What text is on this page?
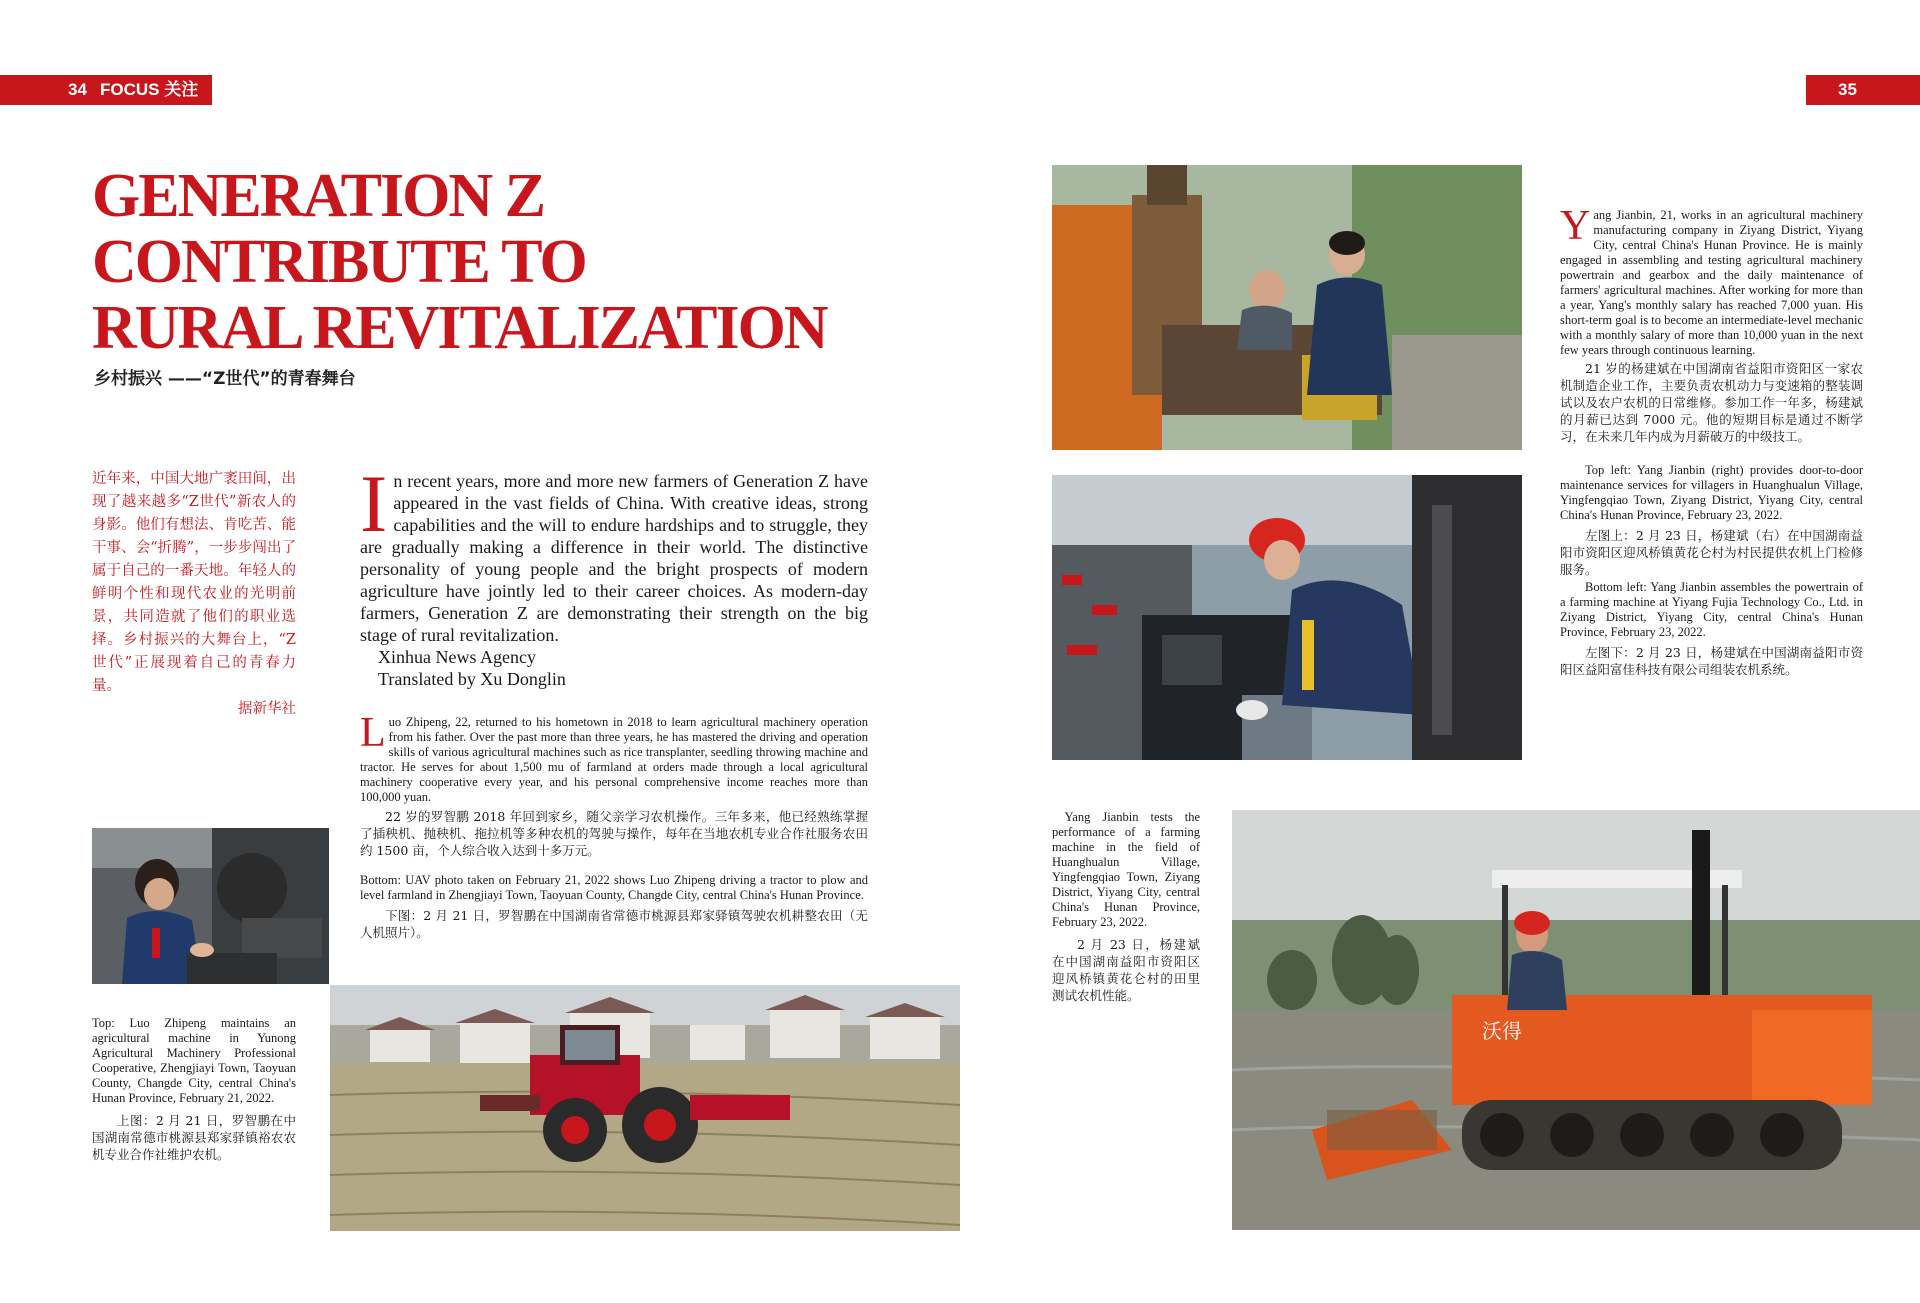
34 FOCUS 关注	35
GENERATION Z
CONTRIBUTE TO
RURAL REVITALIZATION
乡村振兴 ——“Z世代”的青春舞台
近年来，中国大地广袤田间，出现了越来越多“Z世代”新农人的身影。他们有想法、肯吃苦、能干事、会“折腾”，一步步闯出了属于自己的一番天地。年轻人的鲜明个性和现代农业的光明前景，共同造就了他们的职业选择。乡村振兴的大舞台上，“Z世代”正展现着自己的青春力量。
据新华社
I n recent years, more and more new farmers of Generation Z have appeared in the vast fields of China. With creative ideas, strong capabilities and the will to endure hardships and to struggle, they are gradually making a difference in their world. The distinctive personality of young people and the bright prospects of modern agriculture have jointly led to their career choices. As modern-day farmers, Generation Z are demonstrating their strength on the big stage of rural revitalization.
Xinhua News Agency
Translated by Xu Donglin
L uo Zhipeng, 22, returned to his hometown in 2018 to learn agricultural machinery operation from his father. Over the past more than three years, he has mastered the driving and operation skills of various agricultural machines such as rice transplanter, seedling throwing machine and tractor. He serves for about 1,500 mu of farmland at orders made through a local agricultural machinery cooperative every year, and his personal comprehensive income reaches more than 100,000 yuan.
22 岁的罗智鹏 2018 年回到家乡，随父亲学习农机操作。三年多来，他已经熟练掌握了插秧机、抛秧机、拖拉机等多种农机的驾驶与操作，每年在当地农机专业合作社服务农田约 1500 亩，个人综合收入达到十多万元。
Bottom: UAV photo taken on February 21, 2022 shows Luo Zhipeng driving a tractor to plow and level farmland in Zhengjiayi Town, Taoyuan County, Changde City, central China's Hunan Province.
下图：2 月 21 日，罗智鹏在中国湖南省常德市桃源县郑家驿镇驾驶农机耕整农田（无人机照片）。
Top: Luo Zhipeng maintains an agricultural machine in Yunong Agricultural Machinery Professional Cooperative, Zhengjiayi Town, Taoyuan County, Changde City, central China's Hunan Province, February 21, 2022.
上图：2 月 21 日，罗智鹏在中国湖南常德市桃源县郑家驿镇裕农农机专业合作社维护农机。
沃得
Y ang Jianbin, 21, works in an agricultural machinery manufacturing company in Ziyang District, Yiyang City, central China's Hunan Province. He is mainly engaged in assembling and testing agricultural machinery powertrain and gearbox and the daily maintenance of farmers' agricultural machines. After working for more than a year, Yang's monthly salary has reached 7,000 yuan. His short-term goal is to become an intermediate-level mechanic with a monthly salary of more than 10,000 yuan in the next few years through continuous learning.
21 岁的杨建斌在中国湖南省益阳市资阳区一家农机制造企业工作，主要负责农机动力与变速箱的整装调试以及农户农机的日常维修。参加工作一年多，杨建斌的月薪已达到 7000 元。他的短期目标是通过不断学习，在未来几年内成为月薪破万的中级技工。
Top left: Yang Jianbin (right) provides door-to-door maintenance services for villagers in Huanghualun Village, Yingfengqiao Town, Ziyang District, Yiyang City, central China's Hunan Province, February 23, 2022.
左图上：2 月 23 日，杨建斌（右）在中国湖南益阳市资阳区迎风桥镇黄花仑村为村民提供农机上门检修服务。
Bottom left: Yang Jianbin assembles the powertrain of a farming machine at Yiyang Fujia Technology Co., Ltd. in Ziyang District, Yiyang City, central China's Hunan Province, February 23, 2022.
左图下：2 月 23 日，杨建斌在中国湖南益阳市资阳区益阳富佳科技有限公司组装农机系统。
Yang Jianbin tests the performance of a farming machine in the field of Huanghualun Village, Yingfengqiao Town, Ziyang District, Yiyang City, central China's Hunan Province, February 23, 2022.
2 月 23 日，杨建斌在中国湖南益阳市资阳区迎风桥镇黄花仑村的田里测试农机性能。
